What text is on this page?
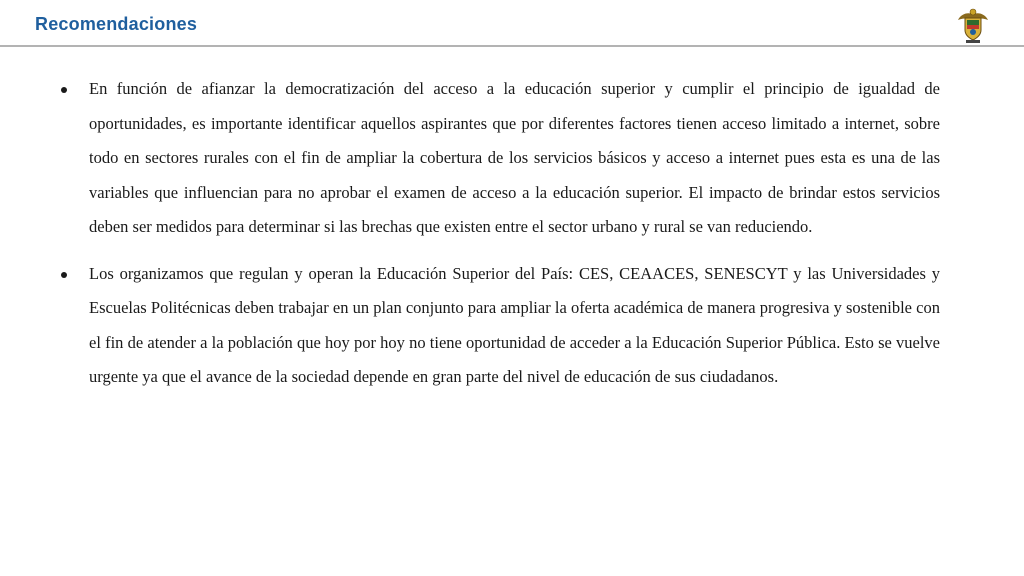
Recomendaciones
En función de afianzar la democratización del acceso a la educación superior y cumplir el principio de igualdad de oportunidades, es importante identificar aquellos aspirantes que por diferentes factores tienen acceso limitado a internet, sobre todo en sectores rurales con el fin de ampliar la cobertura de los servicios básicos y acceso a internet pues esta es una de las variables que influencian para no aprobar el examen de acceso a la educación superior. El impacto de brindar estos servicios deben ser medidos para determinar si las brechas que existen entre el sector urbano y rural se van reduciendo.
Los organizamos que regulan y operan la Educación Superior del País: CES, CEAACES, SENESCYT y las Universidades y Escuelas Politécnicas deben trabajar en un plan conjunto para ampliar la oferta académica de manera progresiva y sostenible con el fin de atender a la población que hoy por hoy no tiene oportunidad de acceder a la Educación Superior Pública. Esto se vuelve urgente ya que el avance de la sociedad depende en gran parte del nivel de educación de sus ciudadanos.
